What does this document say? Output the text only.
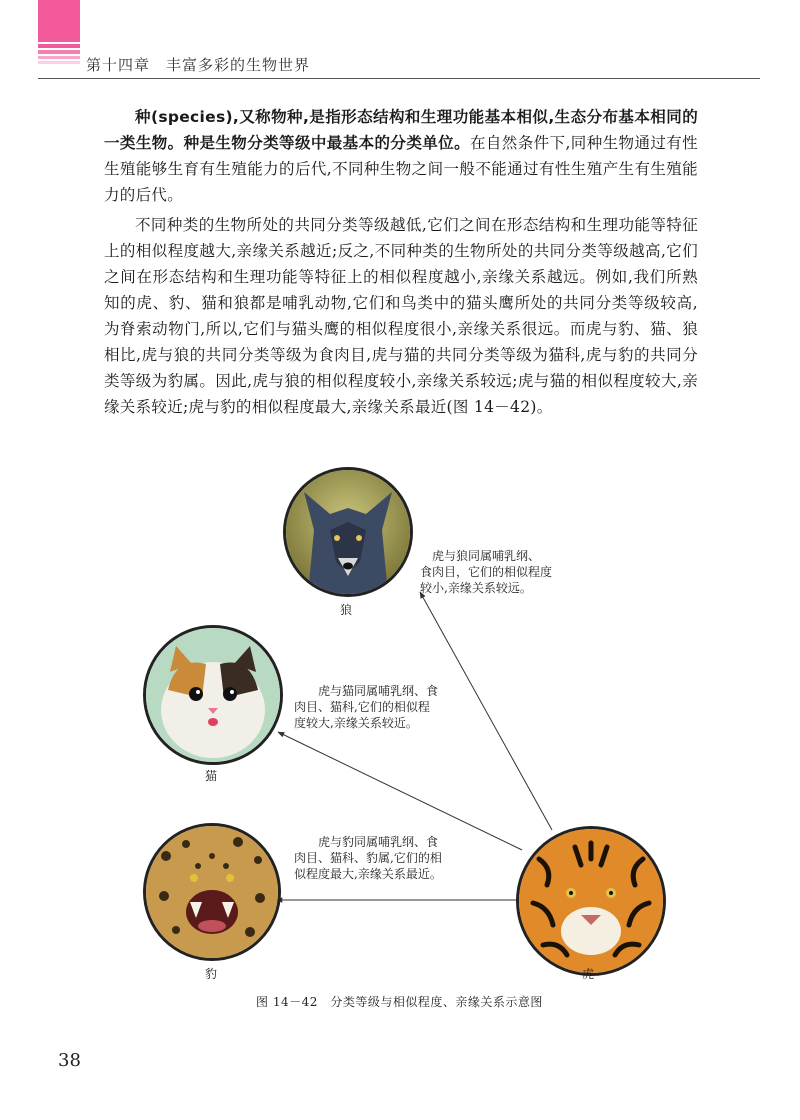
第十四章　丰富多彩的生物世界
种(species),又称物种,是指形态结构和生理功能基本相似,生态分布基本相同的一类生物。种是生物分类等级中最基本的分类单位。在自然条件下,同种生物通过有性生殖能够生育有生殖能力的后代,不同种生物之间一般不能通过有性生殖产生有生殖能力的后代。
不同种类的生物所处的共同分类等级越低,它们之间在形态结构和生理功能等特征上的相似程度越大,亲缘关系越近;反之,不同种类的生物所处的共同分类等级越高,它们之间在形态结构和生理功能等特征上的相似程度越小,亲缘关系越远。例如,我们所熟知的虎、豹、猫和狼都是哺乳动物,它们和鸟类中的猫头鹰所处的共同分类等级较高,为脊索动物门,所以,它们与猫头鹰的相似程度很小,亲缘关系很远。而虎与豹、猫、狼相比,虎与狼的共同分类等级为食肉目,虎与猫的共同分类等级为猫科,虎与豹的共同分类等级为豹属。因此,虎与狼的相似程度较小,亲缘关系较远;虎与猫的相似程度较大,亲缘关系较近;虎与豹的相似程度最大,亲缘关系最近(图 14－42)。
狼
虎与狼同属哺乳纲、
食肉目，它们的相似程度
较小,亲缘关系较远。
猫
虎与猫同属哺乳纲、食
肉目、猫科,它们的相似程
度较大,亲缘关系较近。
豹
虎与豹同属哺乳纲、食
肉目、猫科、豹属,它们的相
似程度最大,亲缘关系最近。
虎
图 14－42　分类等级与相似程度、亲缘关系示意图
38
